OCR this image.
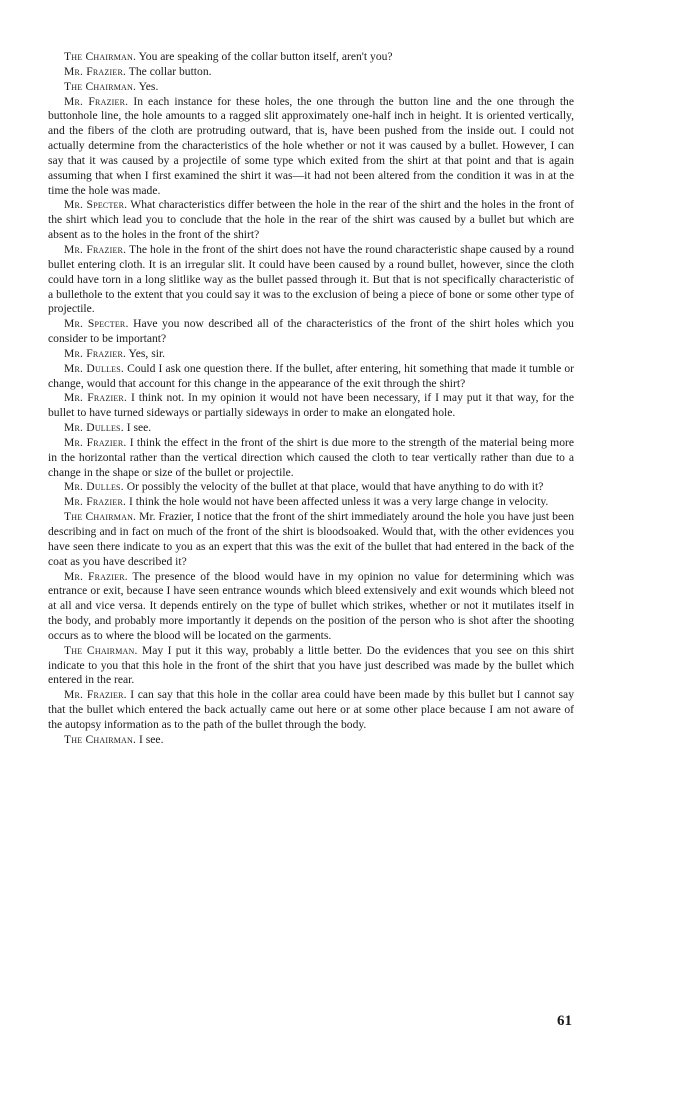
The Chairman. You are speaking of the collar button itself, aren't you?

Mr. Frazier. The collar button.

The Chairman. Yes.

Mr. Frazier. In each instance for these holes, the one through the button line and the one through the buttonhole line, the hole amounts to a ragged slit approximately one-half inch in height. It is oriented vertically, and the fibers of the cloth are protruding outward, that is, have been pushed from the inside out. I could not actually determine from the characteristics of the hole whether or not it was caused by a bullet. However, I can say that it was caused by a projectile of some type which exited from the shirt at that point and that is again assuming that when I first examined the shirt it was—it had not been altered from the condition it was in at the time the hole was made.

Mr. Specter. What characteristics differ between the hole in the rear of the shirt and the holes in the front of the shirt which lead you to conclude that the hole in the rear of the shirt was caused by a bullet but which are absent as to the holes in the front of the shirt?

Mr. Frazier. The hole in the front of the shirt does not have the round characteristic shape caused by a round bullet entering cloth. It is an irregular slit. It could have been caused by a round bullet, however, since the cloth could have torn in a long slitlike way as the bullet passed through it. But that is not specifically characteristic of a bullethole to the extent that you could say it was to the exclusion of being a piece of bone or some other type of projectile.

Mr. Specter. Have you now described all of the characteristics of the front of the shirt holes which you consider to be important?

Mr. Frazier. Yes, sir.

Mr. Dulles. Could I ask one question there. If the bullet, after entering, hit something that made it tumble or change, would that account for this change in the appearance of the exit through the shirt?

Mr. Frazier. I think not. In my opinion it would not have been necessary, if I may put it that way, for the bullet to have turned sideways or partially sideways in order to make an elongated hole.

Mr. Dulles. I see.

Mr. Frazier. I think the effect in the front of the shirt is due more to the strength of the material being more in the horizontal rather than the vertical direction which caused the cloth to tear vertically rather than due to a change in the shape or size of the bullet or projectile.

Mr. Dulles. Or possibly the velocity of the bullet at that place, would that have anything to do with it?

Mr. Frazier. I think the hole would not have been affected unless it was a very large change in velocity.

The Chairman. Mr. Frazier, I notice that the front of the shirt immediately around the hole you have just been describing and in fact on much of the front of the shirt is bloodsoaked. Would that, with the other evidences you have seen there indicate to you as an expert that this was the exit of the bullet that had entered in the back of the coat as you have described it?

Mr. Frazier. The presence of the blood would have in my opinion no value for determining which was entrance or exit, because I have seen entrance wounds which bleed extensively and exit wounds which bleed not at all and vice versa. It depends entirely on the type of bullet which strikes, whether or not it mutilates itself in the body, and probably more importantly it depends on the position of the person who is shot after the shooting occurs as to where the blood will be located on the garments.

The Chairman. May I put it this way, probably a little better. Do the evidences that you see on this shirt indicate to you that this hole in the front of the shirt that you have just described was made by the bullet which entered in the rear.

Mr. Frazier. I can say that this hole in the collar area could have been made by this bullet but I cannot say that the bullet which entered the back actually came out here or at some other place because I am not aware of the autopsy information as to the path of the bullet through the body.

The Chairman. I see.

61
